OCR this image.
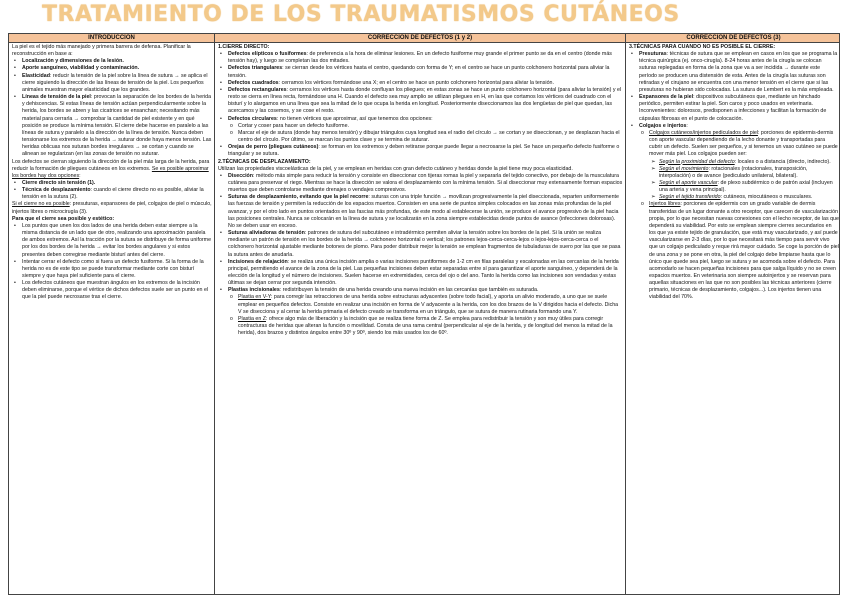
TRATAMIENTO DE LOS TRAUMATISMOS CUTÁNEOS
INTRODUCCIÓN	CORRECCIÓN DE DEFECTOS (1 y 2)	CORRECCIÓN DE DEFECTOS (3)

La piel es el tejido más manejado y primera barrera de defensa. Planificar la reconstrucción en base a:

• Localización y dimensiones de la lesión.
• Aporte sanguíneo, viabilidad y contaminación.
• Elasticidad: reducir la tensión de la piel sobre la línea de sutura → se aplica el cierre siguiendo la dirección de las líneas de tensión de la piel. Los pequeños animales muestran mayor elasticidad que los grandes.
• Líneas de tensión de la piel: provocan la separación de los bordes de la herida y dehiscencias. Si estas líneas de tensión actúan perpendicularmente sobre la herida, los bordes se abren y las cicatrices se ensanchan; necesitando más material para cerrarla → comprobar la cantidad de piel existente y en qué posición se produce la mínima tensión. El cierre debe hacerse en paralelo a las líneas de sutura y paralelo a la dirección de la línea de tensión. Nunca deben tensionarse los extremos de la herida → suturar donde haya menos tensión. Las heridas oblicuas nos suturan bordes irregulares → se cortan y cuando se alinean se regularizan (en las zonas de tensión no suturar.

Los defectos se cierran siguiendo la dirección de la piel más larga de la herida, para reducir la formación de pliegues cutáneos en los extremos. Se es posible aproximar los bordes hay dos opciones:

• Cierre directo sin tensión (1).
• Técnica de desplazamiento: cuando el cierre directo no es posible, aliviar la tensión en la sutura (2).

Si el cierre no es posible: presuturas, expansores de piel, colgajos de piel o músculo, injertos libres o microcirugía (3).

Para que el cierre sea posible y estético:

• Los puntos que unen los dos lados de una herida deben estar siempre a la misma distancia de un lado que de otro, realizando una aproximación paralela de ambos extremos. Así la tracción por la sutura se distribuye de forma uniforme por los dos bordes de la herida → evitar los bordes angulares y si estos presentes deben corregirse mediante bisturí antes del cierre.
• Intentar cerrar el defecto como si fuera un defecto fusiforme. Si la forma de la herida no es de este tipo se puede transformar mediante corte con bisturí siempre y que haya piel suficiente para el cierre.
• Los defectos cutáneos que muestran ángulos en los extremos de la incisión deben eliminarse, porque el vértice de dichos defectos suele ser un punto en el que la piel puede necrosarse tras el cierre.

1.CIERRE DIRECTO:

• Defectos elípticos o fusiformes: de preferencia a la hora de eliminar lesiones. En un defecto fusiforme muy grande el primer punto se da en el centro (donde más tensión hay), y luego se completan las dos mitades.
• Defectos triangulares: se cierran desde los vértices hasta el centro, quedando con forma de Y; en el centro se hace un punto colchonero horizontal para aliviar la tensión.
• Defectos cuadrados: cerramos los vértices formándose una X; en el centro se hace un punto colchonero horizontal para aliviar la tensión.
• Defectos rectangulares: cerramos los vértices hasta donde confluyan los pliegues; en estas zonas se hace un punto colchonero horizontal (para aliviar la tensión) y el resto se cierra en línea recta, formándose una H. Cuando el defecto sea muy amplio se utilizan pliegues en H, en las que cortamos los vértices del cuadrado con el bisturí y lo alargamos en una línea que sea la mitad de lo que ocupa la herida en longitud. Posteriormente diseccionamos las dos lengüetas de piel que quedan, las acercamos y las cosemos, y se cose el resto.
• Defectos circulares: no tienen vértices que aproximar, así que tenemos dos opciones:
o Cortar y coser para hacer un defecto fusiforme.
o Marcar el eje de sutura (donde hay menos tensión) y dibujar triángulos cuya longitud sea el radio del círculo → se cortan y se diseccionan, y se desplazan hacia el centro del círculo. Por último, se marcan los puntos clave y se termina de suturar.
• Orejas de perro (pliegues cutáneos): se forman en los extremos y deben retirarse porque puede llegar a necrosarse la piel. Se hace un pequeño defecto fusiforme o triangular y se sutura.

2.TÉCNICAS DE DESPLAZAMIENTO:

Utilizan las propiedades viscoelásticas de la piel, y se emplean en heridas con gran defecto cutáneo y heridas donde la piel tiene muy poca elasticidad.

• Disección: método más simple para reducir la tensión y consiste en diseccionar con tijeras romas la piel y separarla del tejido conectivo, por debajo de la musculatura cutánea para preservar el riego. Mientras se hace la disección se valora el desplazamiento con la mínima tensión. Si al diseccionar muy extensamente forman espacios muertos que deben controlarse mediante drenajes o vendajes compresivos.
• Suturas de desplazamiento, evitando que la piel recorre: suturas con una triple función → movilizan progresivamente la piel diseccionada, reparten uniformemente las fuerzas de tensión y permiten la reducción de los espacios muertos. Consisten en una serie de puntos simples colocados en las zonas más profundas de la piel avanzar, y por el otro lado en puntos orientados en las fascias más profundas, de este modo al establecerse la unión, se produce el avance progresivo de la piel hacia las posiciones centrales. Nunca se colocarán en la línea de sutura y se localizarán en la zona siempre establecidas desde puntos de avance (infecciones dolorosas). No se deben usar en exceso.
• Suturas aliviadoras de tensión: patrones de sutura del subcutáneo e intradérmico permiten aliviar la tensión sobre los bordes de la piel. Si la unión se realiza mediante un patrón de tensión en los bordes de la herida → colchonero horizontal o vertical; los patrones lejos-cerca-cerca-lejos o lejos-lejos-cerca-cerca o el colchonero horizontal ajustable mediante botones de plomo. Para poder distribuir mejor la tensión se emplean fragmentos de tubuladuras de suero por las que se pasa la sutura antes de anudarla.
• Incisiones de relajación: se realiza una única incisión amplia o varias incisiones puntiformes de 1-2 cm en filas paralelas y escalonadas en las cercanías de la herida principal, permitiendo el avance de la zona de la piel. Las pequeñas incisiones deben estar separadas entre sí para garantizar el aporte sanguíneo, y dependerá de la elección de la longitud y el número de incisiones. Suelen hacerse en extremidades, cerca del ojo o del ano. Tanto la herida como las incisiones son vendadas y estas últimas se dejan cerrar por segunda intención.
• Plastias incisionales: redistribuyen la tensión de una herida creando una nueva incisión en las cercanías que también es suturada.
o Plastia en V-Y: para corregir las retracciones de una herida sobre estructuras adyacentes (sobre todo facial), y aporta un alivio moderado, a uno que se suele emplear en pequeños defectos. Consiste en realizar una incisión en forma de V adyacente a la herida, con los dos brazos de la V dirigidos hacia el defecto. Dicha V se disecciona y al cerrar la herida primaria el defecto creado se transforma en un triángulo, que se sutura de manera rutinaria formando una Y.
o Plastia en Z: ofrece algo más de liberación y la incisión que se realiza tiene forma de Z. Se emplea para redistribuir la tensión y son muy útiles para corregir contracturas de heridas que alteran la función o movilidad. Consta de una rama central (perpendicular al eje de la herida, y de longitud del menos la mitad de la herida), dos brazos y distintos ángulos entre 30º y 90º, siendo los más usados los de 60º.

3.TÉCNICAS PARA CUANDO NO ES POSIBLE EL CIERRE:

• Presuturas: técnicas de sutura que se emplean en casos en los que se programa la técnica quirúrgica (ej. onco-cirugía). 8-24 horas antes de la cirugía se colocan suturas replegadas en forma de la zona que va a ser incidida → durante este período se producen una distensión de esta. Antes de la cirugía las suturas son retiradas y el cirujano se encuentra con una menor tensión en el cierre que si las presuturas no hubieran sido colocadas. La sutura de Lembert es la más empleada.
• Expansores de la piel: dispositivos subcutáneos que, mediante un hinchado periódico, permiten estirar la piel. Son caros y poco usados en veterinaria. Inconvenientes: dolorosos, predisponen a infecciones y facilitan la formación de cápsulas fibrosas en el punto de colocación.
• Colgajos e injertos:
o Colgajos cutáneos/injertos pediculados de piel: porciones de epidermis-dermis con aporte vascular dependiendo de la lecho donante y transportadas para cubrir un defecto. Suelen ser pequeños, y si tenemos un vaso cutáneo se puede mover más piel. Los colgajos pueden ser:
➢ Según la proximidad del defecto: locales o a distancia (directo, indirecto).
➢ Según el movimiento: rotacionales (rotacionales, transposición, interpolación) o de avance (pediculado unilateral, bilateral).
➢ Según el aporte vascular: de plexo subdérmico o de patrón axial (incluyen una arteria y vena principal).
➢ Según el tejido transferido: cutáneos, miocutáneos o musculares.
o Injertos libres: porciones de epidermis con un grado variable de dermis transferidas de un lugar donante a otro receptor, que carecen de vascularización propia, por lo que necesitan nuevas conexiones con el lecho receptor, de las que dependerá su viabilidad. Por esto se emplean siempre cierres secundarios en los que ya existe tejido de granulación, que está muy vascularizado, y así puede vascularizarse en 2-3 días, por lo que necesitará más tiempo para servir vivo que un colgajo pediculado y reque rirá mayor cuidado. Se coge la porción de piel de una zona y se pone en otra, la piel del colgajo debe limpiarse hasta que lo único que quede sea piel, luego se sutura y se acomoda sobre el defecto. Para acomodarlo se hacen pequeñas incisiones para que salga líquido y no se creen espacios muertos. En veterinaria son siempre autoinjertos y se reservan para aquellas situaciones en las que no son posibles las técnicas anteriores (cierre primario, técnicas de desplazamiento, colgajos...). Los injertos tienen una viabilidad del 70%.
